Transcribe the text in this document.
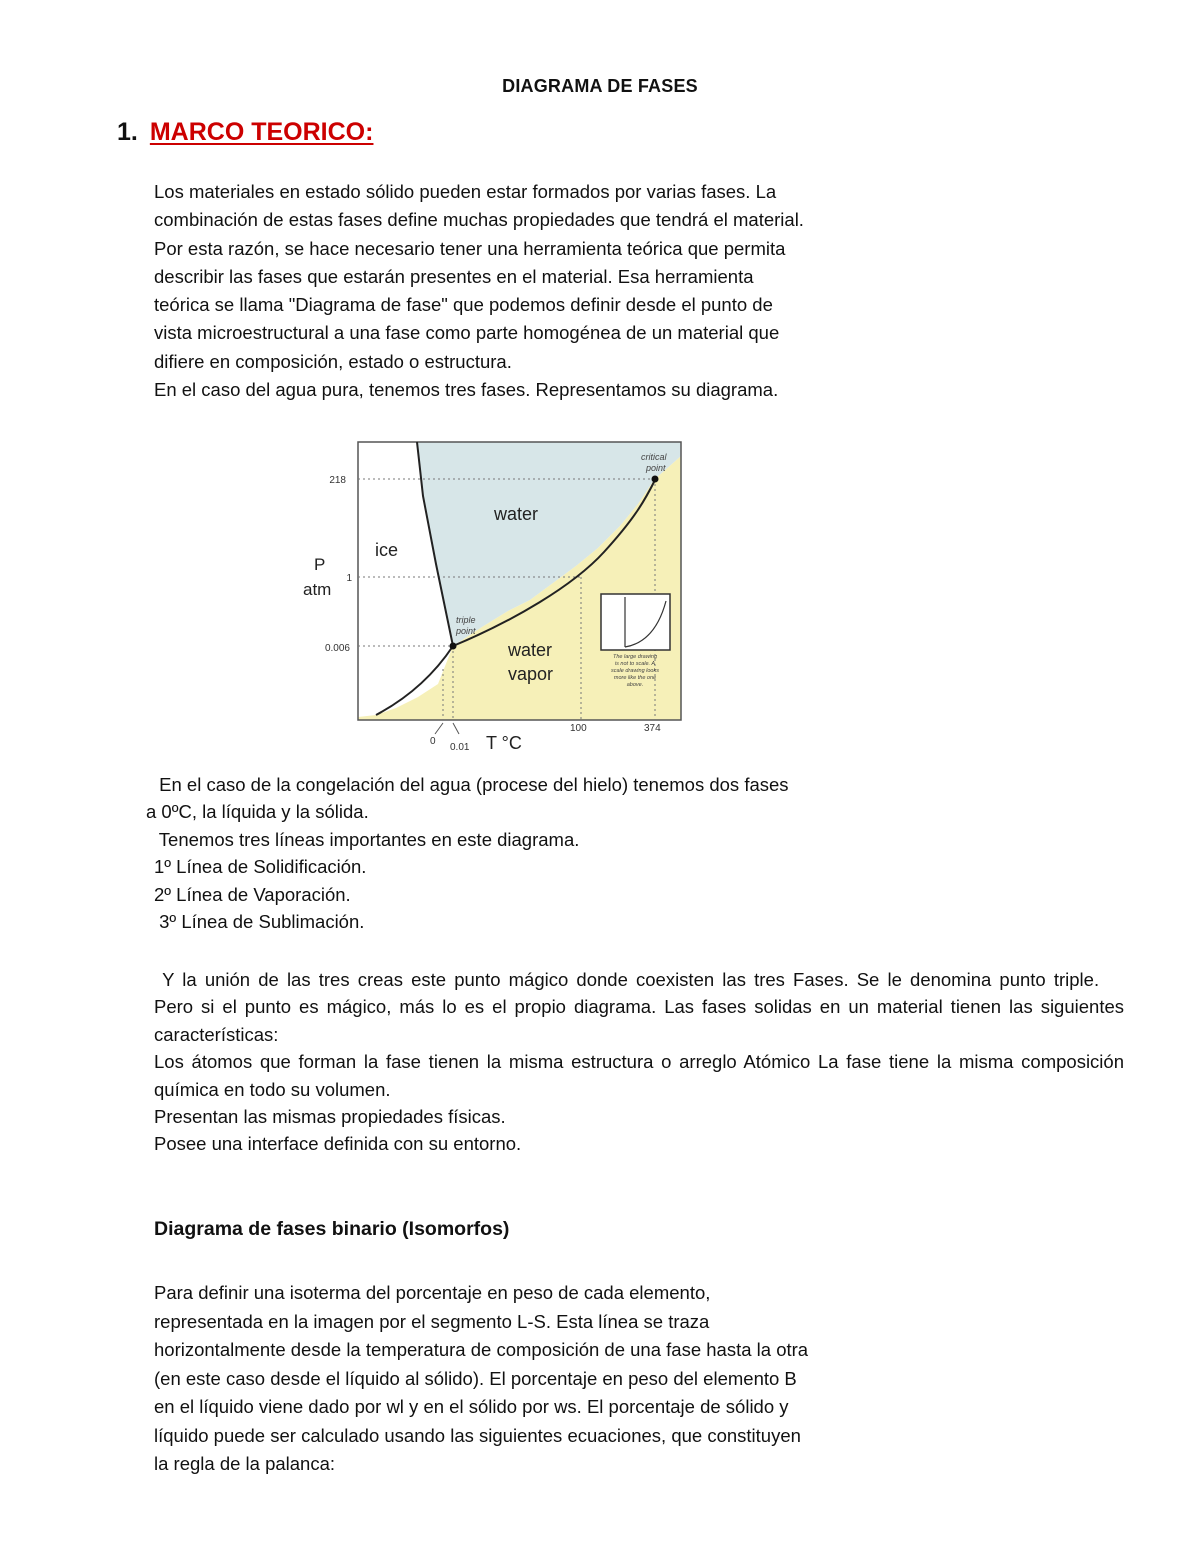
DIAGRAMA DE FASES
1. MARCO TEORICO:

Los materiales en estado sólido pueden estar formados por varias fases. La

combinación de estas fases define muchas propiedades que tendrá el material.

Por esta razón, se hace necesario tener una herramienta teórica que permita

describir las fases que estarán presentes en el material. Esa herramienta

teórica se llama "Diagrama de fase" que podemos definir desde el punto de

vista microestructural a una fase como parte homogénea de un material que

difiere en composición, estado o estructura.

En el caso del agua pura, tenemos tres fases. Representamos su diagrama.

ice
water
water
vapor
critical
point
triple
point
P
atm
T °C
218
1
0.006
0
0.01
100	374
The large drawing
is not to scale. A
scale drawing looks
more like the one
above.

En el caso de la congelación del agua (procese del hielo) tenemos dos fases

a 0ºC, la líquida y la sólida.

Tenemos tres líneas importantes en este diagrama.

1º Línea de Solidificación.

2º Línea de Vaporación.

3º Línea de Sublimación.

Y la unión de las tres creas este punto mágico donde coexisten las tres Fases. Se le denomina punto triple.

Pero si el punto es mágico, más lo es el propio diagrama. Las fases solidas en un material tienen las siguientes características:

Los átomos que forman la fase tienen la misma estructura o arreglo Atómico La fase tiene la misma composición química en todo su volumen.

Presentan las mismas propiedades físicas.

Posee una interface definida con su entorno.

Diagrama de fases binario (Isomorfos)

Para definir una isoterma del porcentaje en peso de cada elemento,

representada en la imagen por el segmento L-S. Esta línea se traza

horizontalmente desde la temperatura de composición de una fase hasta la otra

(en este caso desde el líquido al sólido). El porcentaje en peso del elemento B

en el líquido viene dado por wl y en el sólido por ws. El porcentaje de sólido y

líquido puede ser calculado usando las siguientes ecuaciones, que constituyen

la regla de la palanca:
